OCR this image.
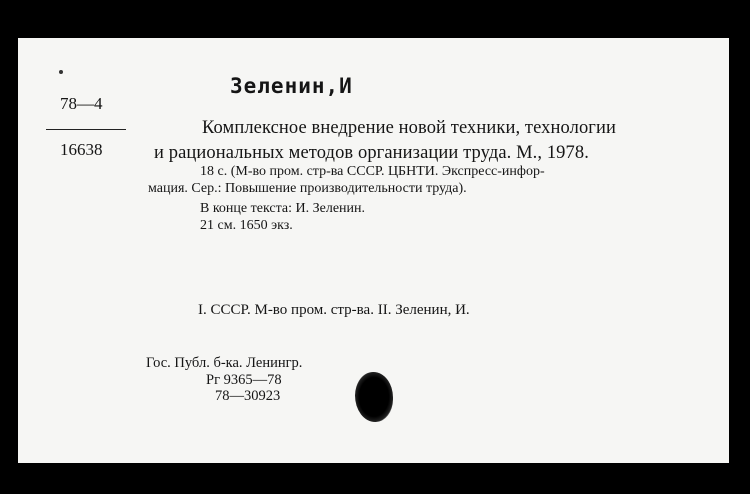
78—4
16638
Зеленин,И
Комплексное внедрение новой техники, технологии
и рациональных методов организации труда. М., 1978.
18 с. (М-во пром. стр-ва СССР. ЦБНТИ. Экспресс-инфор-
мация. Сер.: Повышение производительности труда).
В конце текста: И. Зеленин.
21 см. 1650 экз.
I. СССР. М-во пром. стр-ва. II. Зеленин, И.
Гос. Публ. б-ка. Ленингр.
Рг 9365—78
78—30923
